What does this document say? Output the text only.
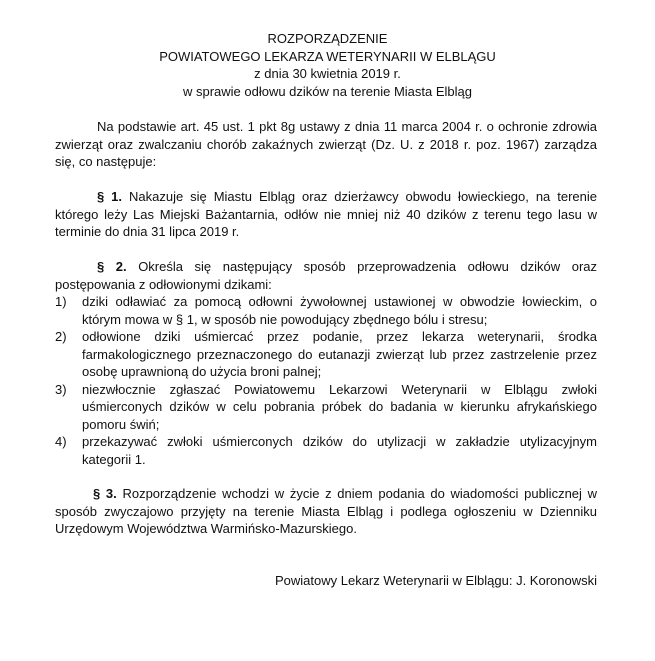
ROZPORZĄDZENIE
POWIATOWEGO LEKARZA WETERYNARII W ELBLĄGU
z dnia 30 kwietnia 2019 r.
w sprawie odłowu dzików na terenie Miasta Elbląg
Na podstawie art. 45 ust. 1 pkt 8g ustawy z dnia 11 marca 2004 r. o ochronie zdrowia zwierząt oraz zwalczaniu chorób zakaźnych zwierząt (Dz. U. z 2018 r. poz. 1967) zarządza się, co następuje:
§ 1. Nakazuje się Miastu Elbląg oraz dzierżawcy obwodu łowieckiego, na terenie którego leży Las Miejski Bażantarnia, odłów nie mniej niż 40 dzików z terenu tego lasu w terminie do dnia 31 lipca 2019 r.
§ 2. Określa się następujący sposób przeprowadzenia odłowu dzików oraz postępowania z odłowionymi dzikami:
1) dziki odławiać za pomocą odłowni żywołownej ustawionej w obwodzie łowieckim, o którym mowa w § 1, w sposób nie powodujący zbędnego bólu i stresu;
2) odłowione dziki uśmiercać przez podanie, przez lekarza weterynarii, środka farmakologicznego przeznaczonego do eutanazji zwierząt lub przez zastrzelenie przez osobę uprawnioną do użycia broni palnej;
3) niezwłocznie zgłaszać Powiatowemu Lekarzowi Weterynarii w Elblągu zwłoki uśmierconych dzików w celu pobrania próbek do badania w kierunku afrykańskiego pomoru świń;
4) przekazywać zwłoki uśmierconych dzików do utylizacji w zakładzie utylizacyjnym kategorii 1.
§ 3. Rozporządzenie wchodzi w życie z dniem podania do wiadomości publicznej w sposób zwyczajowo przyjęty na terenie Miasta Elbląg i podlega ogłoszeniu w Dzienniku Urzędowym Województwa Warmińsko-Mazurskiego.
Powiatowy Lekarz Weterynarii w Elblągu: J. Koronowski
